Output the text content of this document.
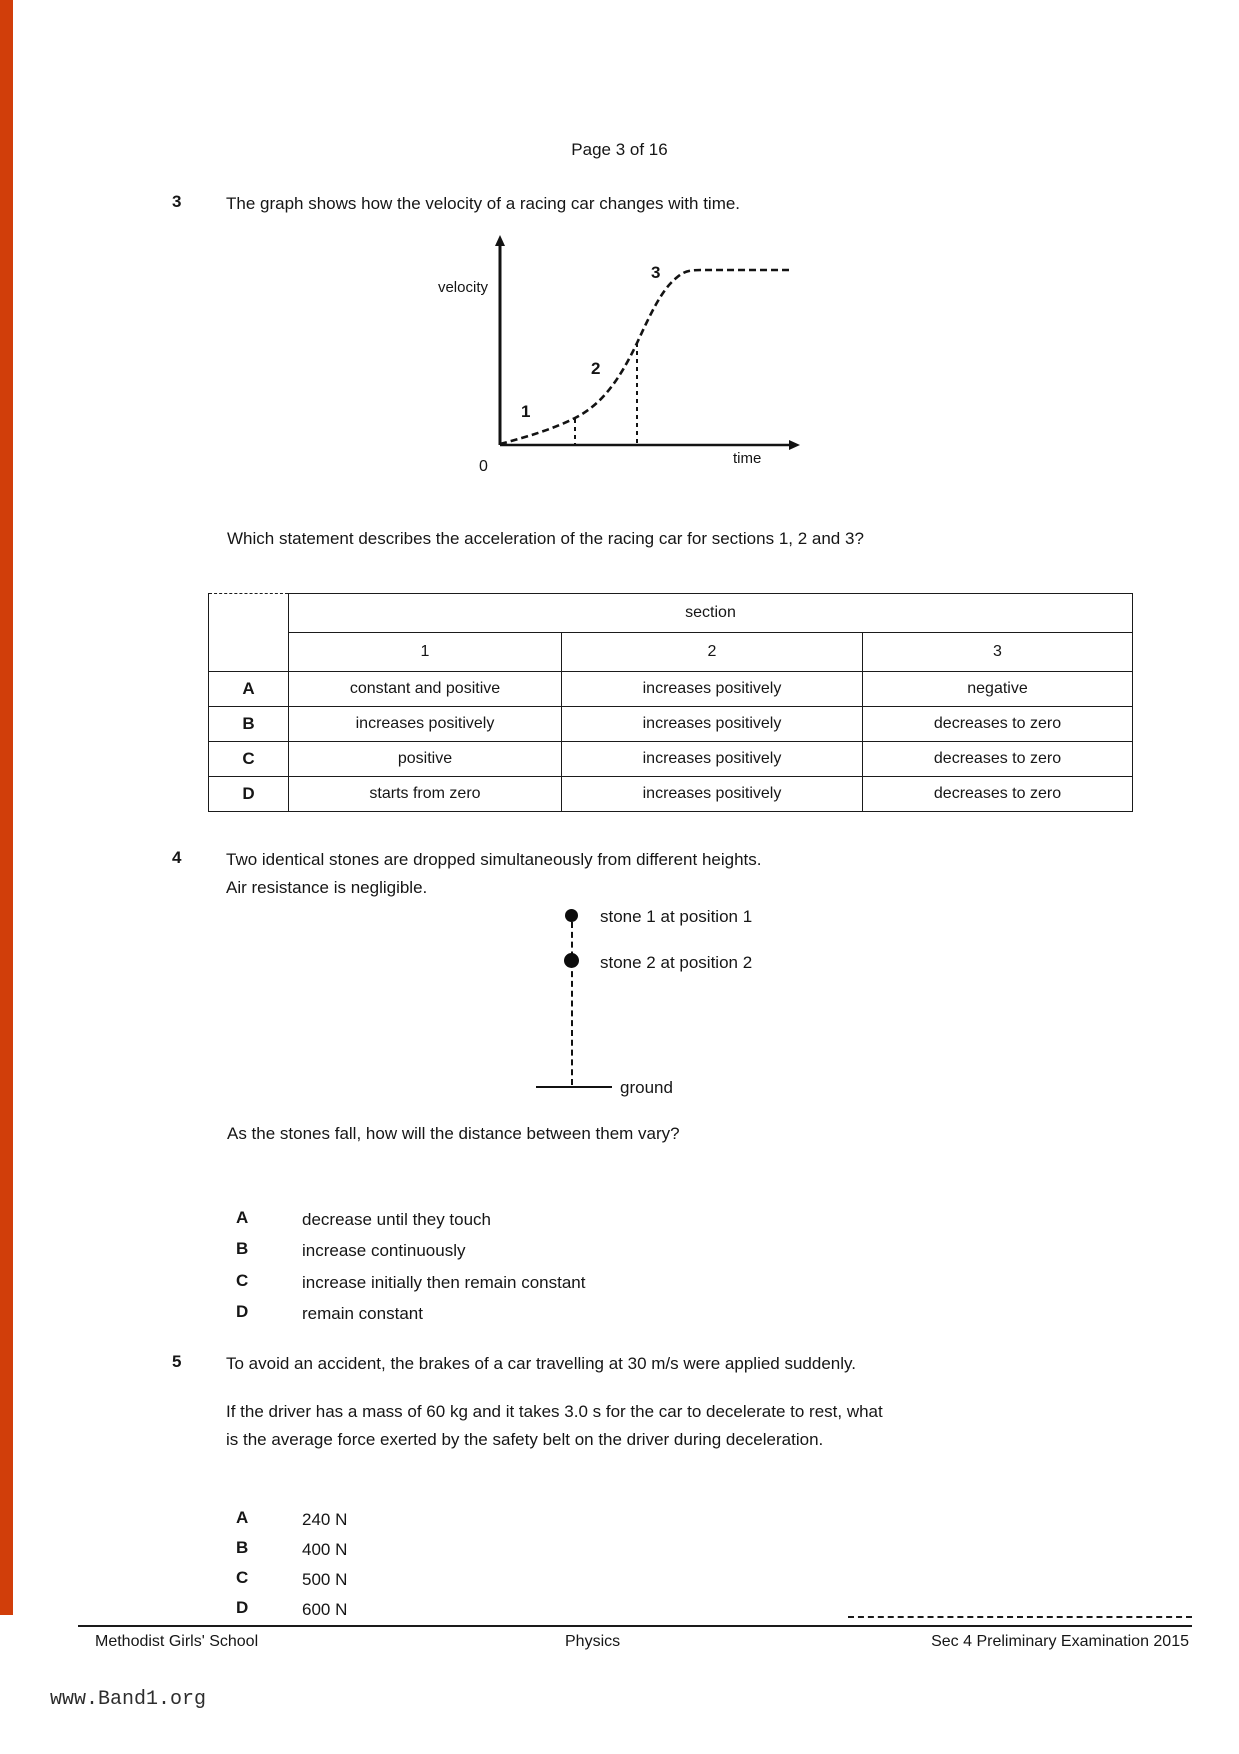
Page 3 of 16
3	The graph shows how the velocity of a racing car changes with time.
velocity
time
0
1
2
3
Which statement describes the acceleration of the racing car for sections 1, 2 and 3?
	section		
	1	2	3
A	constant and positive	increases positively	negative
B	increases positively	increases positively	decreases to zero
C	positive	increases positively	decreases to zero
D	starts from zero	increases positively	decreases to zero
4	Two identical stones are dropped simultaneously from different heights.
Air resistance is negligible.
stone 1 at position 1
stone 2 at position 2
ground
As the stones fall, how will the distance between them vary?
A	decrease until they touch
B	increase continuously
C	increase initially then remain constant
D	remain constant
5	To avoid an accident, the brakes of a car travelling at 30 m/s were applied suddenly.
If the driver has a mass of 60 kg and it takes 3.0 s for the car to decelerate to rest, what
is the average force exerted by the safety belt on the driver during deceleration.
A	240 N
B	400 N
C	500 N
D	600 N
Methodist Girls' School	Physics	Sec 4 Preliminary Examination 2015
www.Band1.org
